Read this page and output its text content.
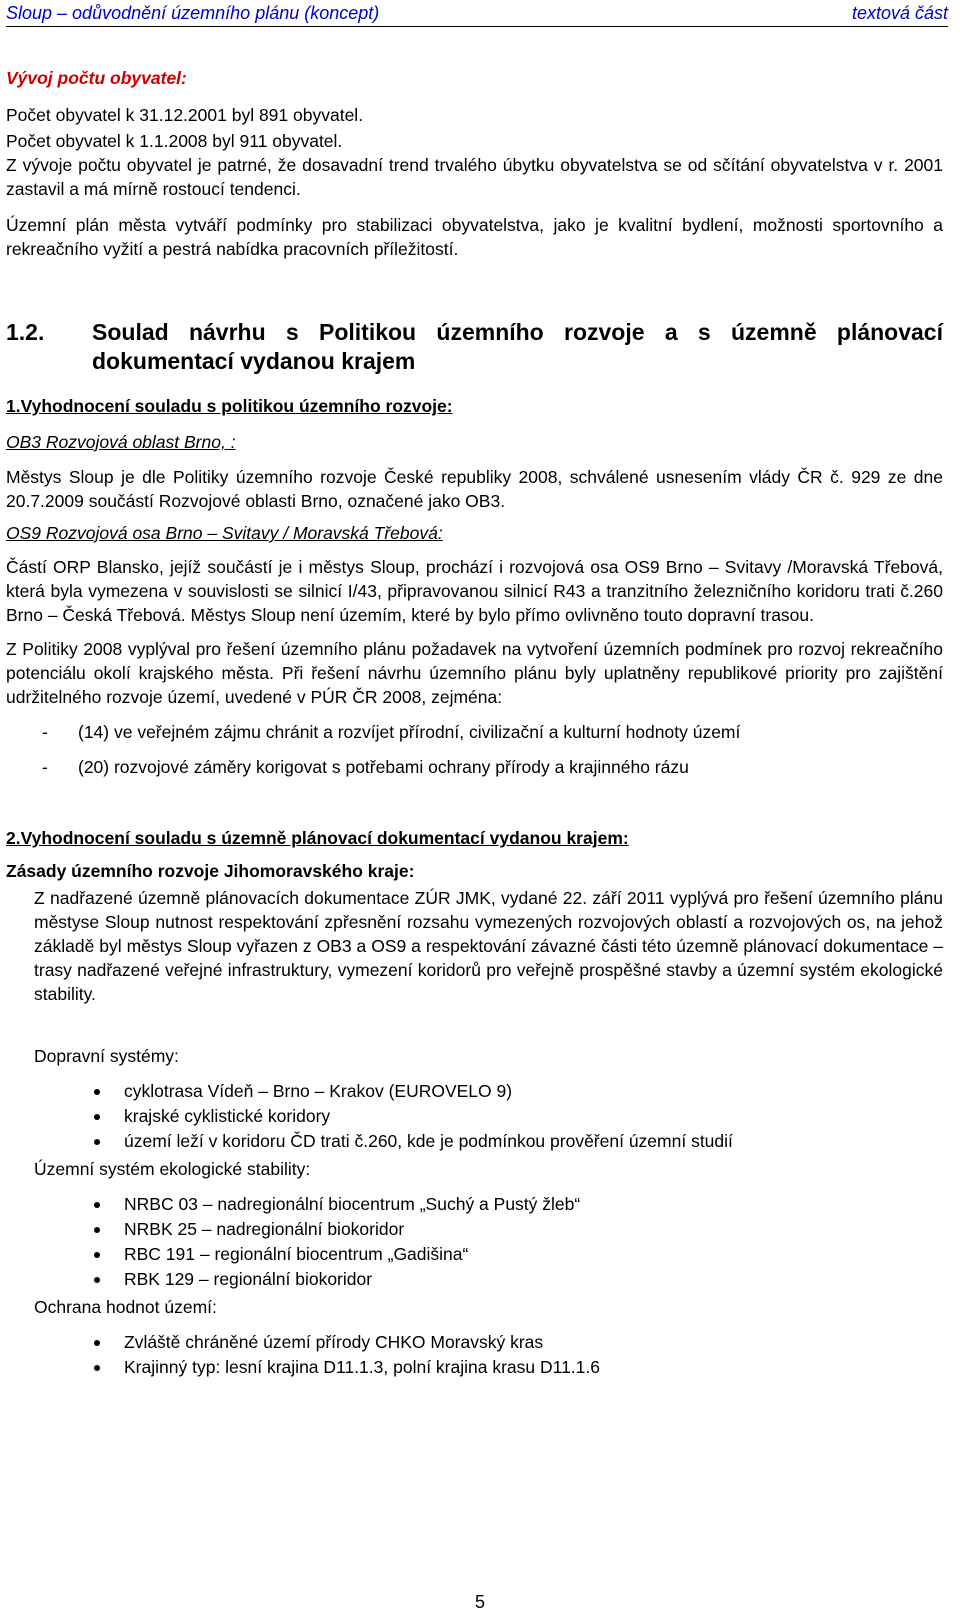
Sloup – odůvodnění územního plánu (koncept)	textová část

Vývoj počtu obyvatel:

Počet obyvatel k 31.12.2001 byl 891 obyvatel.

Počet obyvatel k 1.1.2008 byl 911 obyvatel.

Z vývoje počtu obyvatel je patrné, že dosavadní trend trvalého úbytku obyvatelstva se od sčítání obyvatelstva v r. 2001 zastavil a má mírně rostoucí tendenci.

Územní plán města vytváří podmínky pro stabilizaci obyvatelstva, jako je kvalitní bydlení, možnosti sportovního a rekreačního vyžití a pestrá nabídka pracovních příležitostí.

1.2.	Soulad návrhu s Politikou územního rozvoje a s územně plánovací dokumentací vydanou krajem

1.Vyhodnocení souladu s politikou územního rozvoje:

OB3 Rozvojová oblast Brno, :

Městys Sloup je dle Politiky územního rozvoje České republiky 2008, schválené usnesením vlády ČR č. 929 ze dne 20.7.2009 součástí Rozvojové oblasti Brno, označené jako OB3.

OS9 Rozvojová osa Brno – Svitavy / Moravská Třebová:

Částí ORP Blansko, jejíž součástí je i městys Sloup, prochází i rozvojová osa OS9 Brno – Svitavy /Moravská Třebová, která byla vymezena v souvislosti se silnicí I/43, připravovanou silnicí R43 a tranzitního železničního koridoru trati č.260 Brno – Česká Třebová. Městys Sloup není územím, které by bylo přímo ovlivněno touto dopravní trasou.

Z Politiky 2008 vyplýval pro řešení územního plánu požadavek na vytvoření územních podmínek pro rozvoj rekreačního potenciálu okolí krajského města. Při řešení návrhu územního plánu byly uplatněny republikové priority pro zajištění udržitelného rozvoje území, uvedené v PÚR ČR 2008, zejména:

- (14) ve veřejném zájmu chránit a rozvíjet přírodní, civilizační a kulturní hodnoty území
- (20) rozvojové záměry korigovat s potřebami ochrany přírody a krajinného rázu

2.Vyhodnocení souladu s územně plánovací dokumentací vydanou krajem:

Zásady územního rozvoje Jihomoravského kraje:

Z nadřazené územně plánovacích dokumentace ZÚR JMK, vydané 22. září 2011 vyplývá pro řešení územního plánu městyse Sloup nutnost respektování zpřesnění rozsahu vymezených rozvojových oblastí a rozvojových os, na jehož základě byl městys Sloup vyřazen z OB3 a OS9 a respektování závazné části této územně plánovací dokumentace – trasy nadřazené veřejné infrastruktury, vymezení koridorů pro veřejně prospěšné stavby a územní systém ekologické stability.

Dopravní systémy:

cyklotrasa Vídeň – Brno – Krakov (EUROVELO 9)
krajské cyklistické koridory
území leží v koridoru ČD trati č.260, kde je podmínkou prověření územní studií

Územní systém ekologické stability:

NRBC 03 – nadregionální biocentrum „Suchý a Pustý žleb“
NRBK 25 – nadregionální biokoridor
RBC 191 – regionální biocentrum „Gadišina“
RBK 129 – regionální biokoridor

Ochrana hodnot území:

Zvláště chráněné území přírody CHKO Moravský kras
Krajinný typ: lesní krajina D11.1.3, polní krajina krasu D11.1.6
5
